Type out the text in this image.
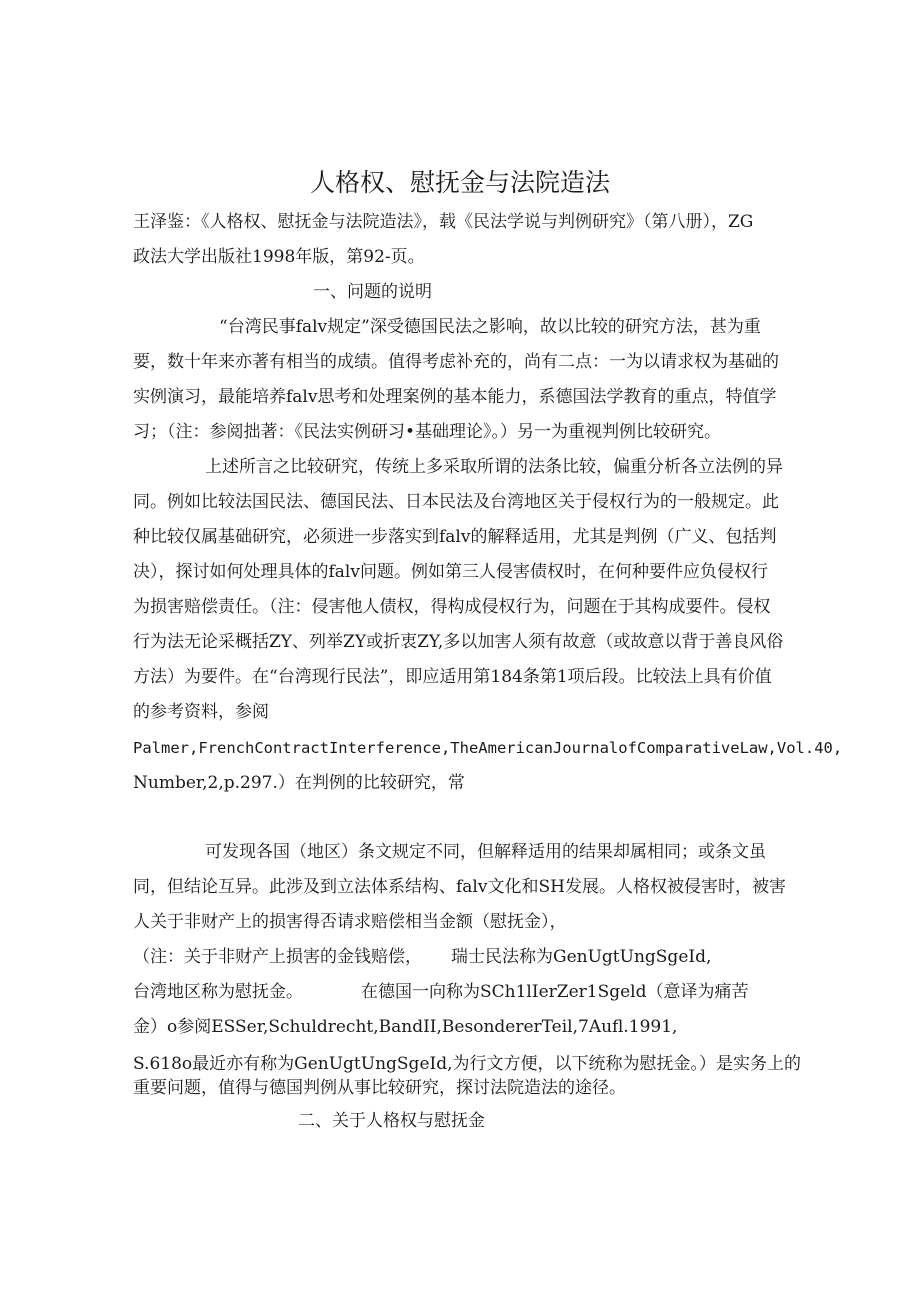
人格权、慰抚金与法院造法
王泽鉴：《人格权、慰抚金与法院造法》，载《民法学说与判例研究》（第八册），ZG
政法大学出版社1998年版，第92-页。
一、问题的说明
“台湾民事falv规定”深受德国民法之影响，故以比较的研究方法，甚为重
要，数十年来亦著有相当的成绩。值得考虑补充的，尚有二点：一为以请求权为基础的
实例演习，最能培养falv思考和处理案例的基本能力，系德国法学教育的重点，特值学
习；（注：参阅拙著：《民法实例研习•基础理论》。）另一为重视判例比较研究。
上述所言之比较研究，传统上多采取所谓的法条比较，偏重分析各立法例的异
同。例如比较法国民法、德国民法、日本民法及台湾地区关于侵权行为的一般规定。此
种比较仅属基础研究，必须进一步落实到falv的解释适用，尤其是判例（广义、包括判
决），探讨如何处理具体的falv问题。例如第三人侵害债权时，在何种要件应负侵权行
为损害赔偿责任。（注：侵害他人债权，得构成侵权行为，问题在于其构成要件。侵权
行为法无论采概括ZY、列举ZY或折衷ZY,多以加害人须有故意（或故意以背于善良风俗
方法）为要件。在“台湾现行民法”，即应适用第184条第1项后段。比较法上具有价值
的参考资料，参阅
Palmer,FrenchContractInterference,TheAmericanJournalofComparativeLaw,Vol.40,
Number,2,p.297.）在判例的比较研究，常
可发现各国（地区）条文规定不同，但解释适用的结果却属相同；或条文虽
同，但结论互异。此涉及到立法体系结构、falv文化和SH发展。人格权被侵害时，被害
人关于非财产上的损害得否请求赔偿相当金额（慰抚金），
（注：关于非财产上损害的金钱赔偿， 瑞士民法称为GenUgtUngSgeId,
台湾地区称为慰抚金。	在德国一向称为SCh1lIerZer1Sgeld（意译为痛苦
金）o参阅ESSer,Schuldrecht,BandII,BesondererTeil,7Aufl.1991,
S.618o最近亦有称为GenUgtUngSgeId,为行文方便，以下统称为慰抚金。）是实务上的
重要问题，值得与德国判例从事比较研究，探讨法院造法的途径。
二、关于人格权与慰抚金
